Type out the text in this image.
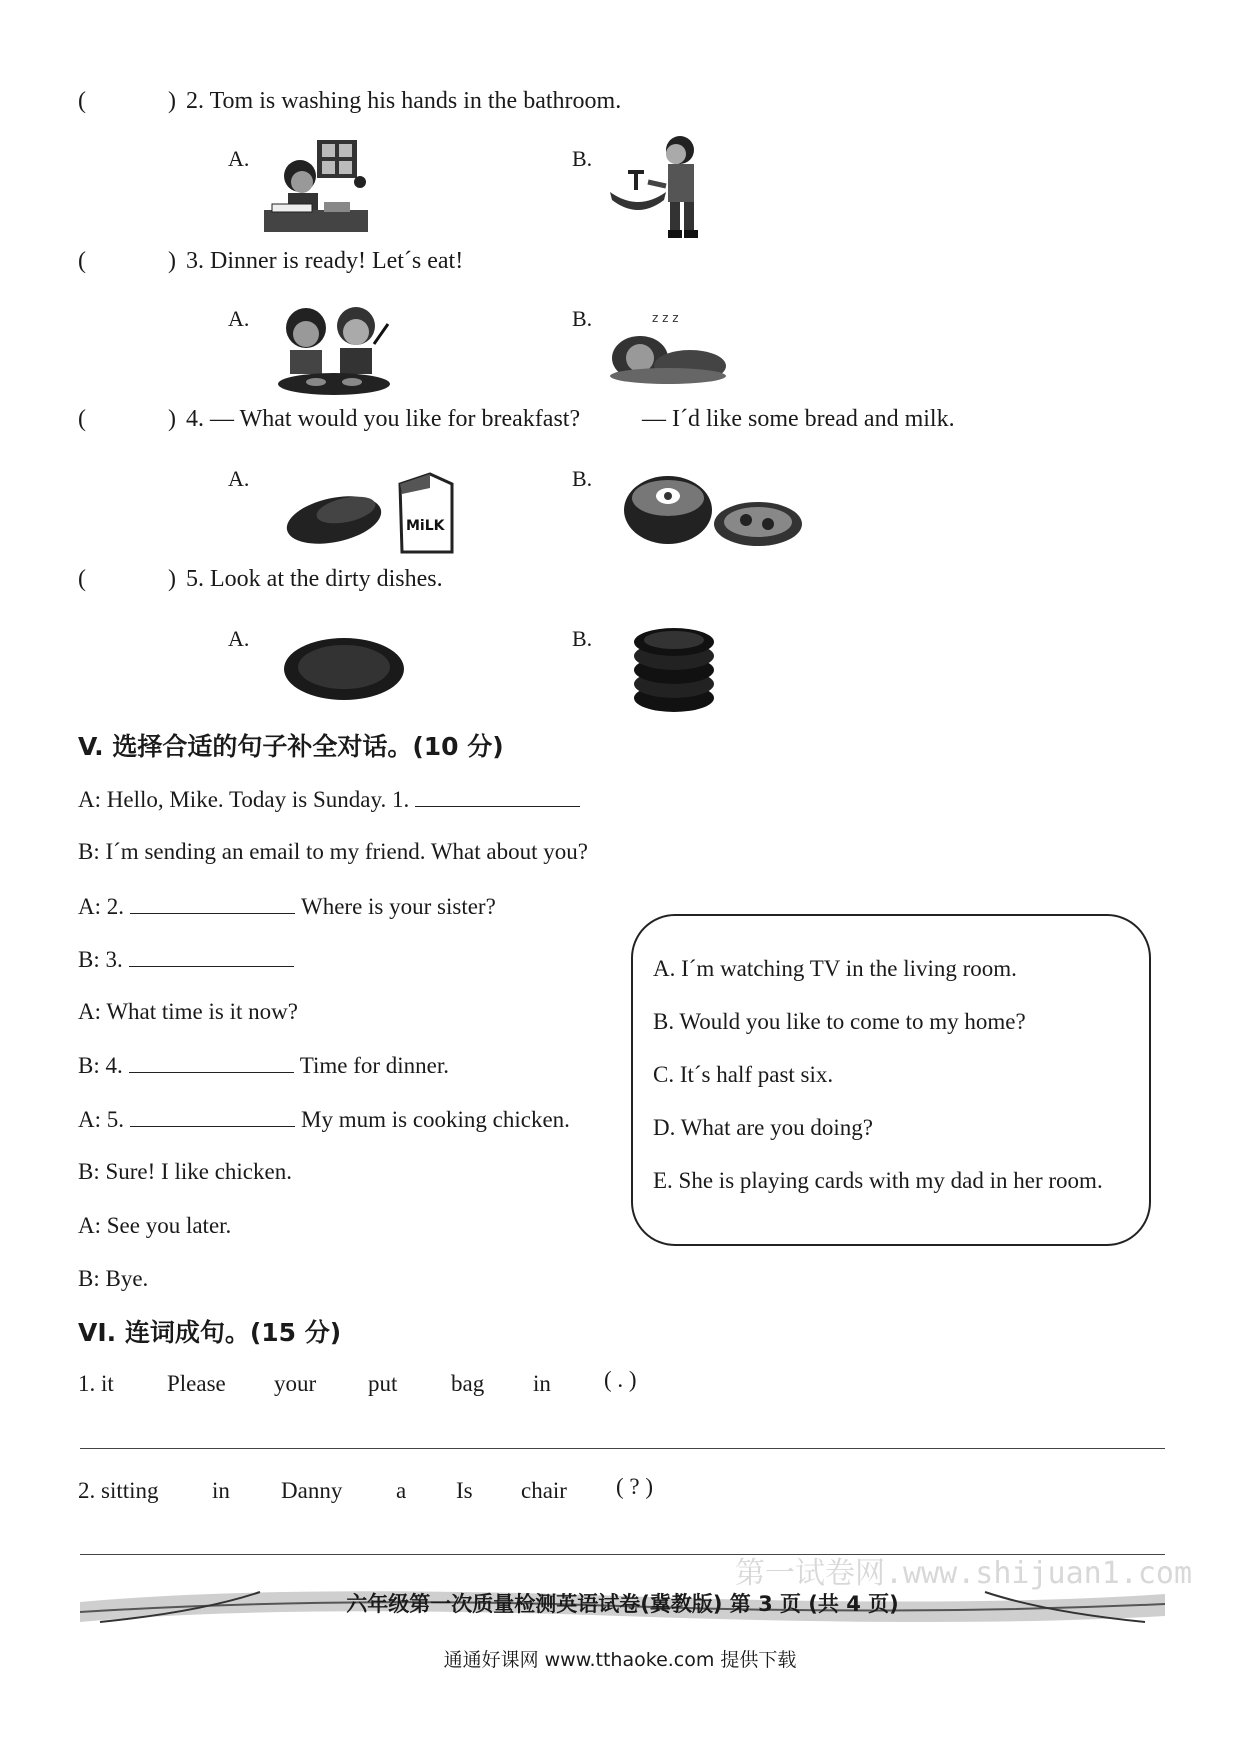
(	) 2. Tom is washing his hands in the bathroom.
A.	B.
(	) 3. Dinner is ready! Let´s eat!
A.	B.	z z z
(	) 4. — What would you like for breakfast?	— I´d like some bread and milk.
A.	B.
MiLK
(	) 5. Look at the dirty dishes.
A.	B.
V. 选择合适的句子补全对话。(10 分)
A: Hello, Mike. Today is Sunday. 1.
B: I´m sending an email to my friend. What about you?
A: 2.	Where is your sister?
B: 3.
A: What time is it now?
B: 4.	Time for dinner.
A: 5.	My mum is cooking chicken.
B: Sure! I like chicken.
A: See you later.
B: Bye.
A. I´m watching TV in the living room.
B. Would you like to come to my home?
C. It´s half past six.
D. What are you doing?
E. She is playing cards with my dad in her room.
VI. 连词成句。(15 分)
1. it Please your put bag in ( . )
2. sitting in Danny a Is chair ( ? )
第一试卷网.www.shijuan1.com
六年级第一次质量检测英语试卷(冀教版) 第 3 页 (共 4 页)
通通好课网 www.tthaoke.com 提供下载
